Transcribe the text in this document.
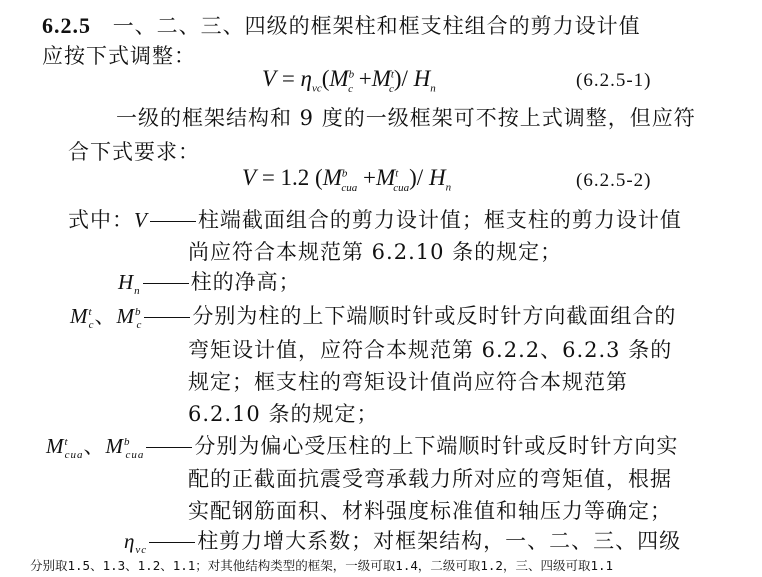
6.2.5 一、二、三、四级的框架柱和框支柱组合的剪力设计值
应按下式调整：
$V = \eta_{vc}(M^b_c +M^t_c)/$ $H_n$	(6.2.5-1)
一级的框架结构和 9 度的一级框架可不按上式调整，但应符
合下式要求：
V = 1.2 $(M^b_{cua} +M^t_{cua})/$ $H_n$	(6.2.5-2)
式中：V 柱端截面组合的剪力设计值；框支柱的剪力设计值
尚应符合本规范第 6.2.10 条的规定；
$H_n$ 柱的净高；
$M^t_c$、$M^b_c$ 分别为柱的上下端顺时针或反时针方向截面组合的
弯矩设计值，应符合本规范第 6.2.2、6.2.3 条的
规定；框支柱的弯矩设计值尚应符合本规范第
6.2.10 条的规定；
$M^t_{cua}$、$M^b_{cua}$ 分别为偏心受压柱的上下端顺时针或反时针方向实
配的正截面抗震受弯承载力所对应的弯矩值，根据
实配钢筋面积、材料强度标准值和轴压力等确定；
$\eta_{vc}$ 柱剪力增大系数；对框架结构，一、二、三、四级
分别取1.5、1.3、1.2、1.1；对其他结构类型的框架，一级可取1.4，二级可取1.2，三、四级可取1.1
